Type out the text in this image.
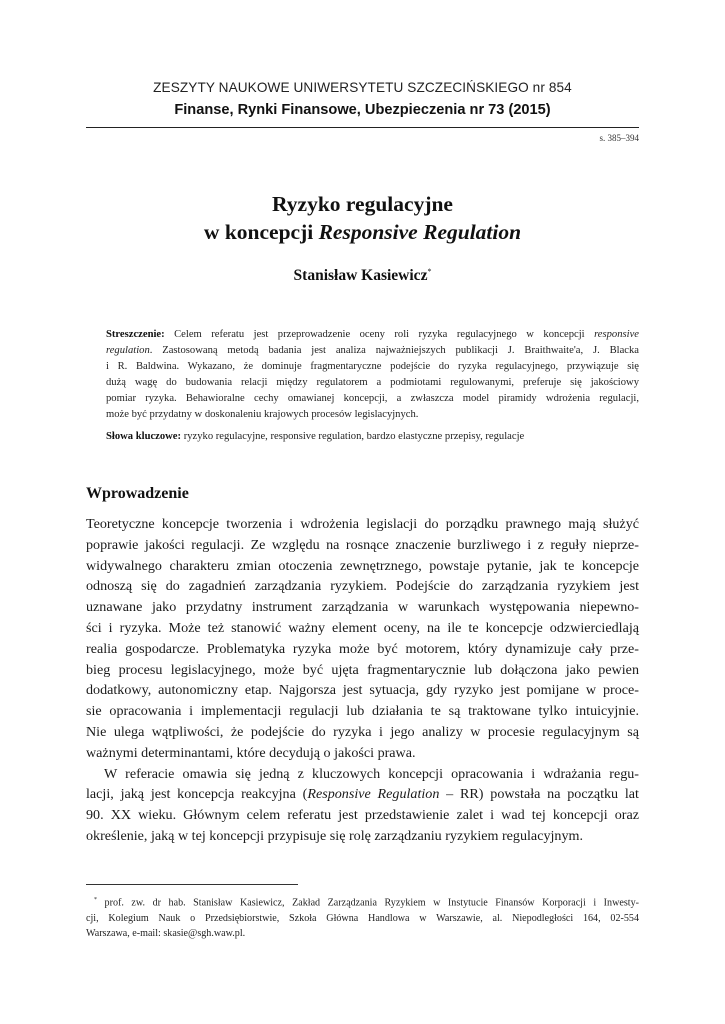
ZESZYTY NAUKOWE UNIWERSYTETU SZCZECIŃSKIEGO nr 854
Finanse, Rynki Finansowe, Ubezpieczenia nr 73 (2015)
s. 385–394
Ryzyko regulacyjne
w koncepcji Responsive Regulation
Stanisław Kasiewicz*
Streszczenie: Celem referatu jest przeprowadzenie oceny roli ryzyka regulacyjnego w koncepcji responsive
regulation. Zastosowaną metodą badania jest analiza najważniejszych publikacji J. Braithwaite'a, J. Blacka
i R. Baldwina. Wykazano, że dominuje fragmentaryczne podejście do ryzyka regulacyjnego, przywiązuje się
dużą wagę do budowania relacji między regulatorem a podmiotami regulowanymi, preferuje się jakościowy
pomiar ryzyka. Behawioralne cechy omawianej koncepcji, a zwłaszcza model piramidy wdrożenia regulacji,
może być przydatny w doskonaleniu krajowych procesów legislacyjnych.
Słowa kluczowe: ryzyko regulacyjne, responsive regulation, bardzo elastyczne przepisy, regulacje
Wprowadzenie
Teoretyczne koncepcje tworzenia i wdrożenia legislacji do porządku prawnego mają służyć
poprawie jakości regulacji. Ze względu na rosnące znaczenie burzliwego i z reguły nieprze-
widywalnego charakteru zmian otoczenia zewnętrznego, powstaje pytanie, jak te koncepcje
odnoszą się do zagadnień zarządzania ryzykiem. Podejście do zarządzania ryzykiem jest
uznawane jako przydatny instrument zarządzania w warunkach występowania niepewno-
ści i ryzyka. Może też stanowić ważny element oceny, na ile te koncepcje odzwierciedlają
realia gospodarcze. Problematyka ryzyka może być motorem, który dynamizuje cały prze-
bieg procesu legislacyjnego, może być ujęta fragmentarycznie lub dołączona jako pewien
dodatkowy, autonomiczny etap. Najgorsza jest sytuacja, gdy ryzyko jest pomijane w proce-
sie opracowania i implementacji regulacji lub działania te są traktowane tylko intuicyjnie.
Nie ulega wątpliwości, że podejście do ryzyka i jego analizy w procesie regulacyjnym są
ważnymi determinantami, które decydują o jakości prawa.
W referacie omawia się jedną z kluczowych koncepcji opracowania i wdrażania regu-
lacji, jaką jest koncepcja reakcyjna (Responsive Regulation – RR) powstała na początku lat
90. XX wieku. Głównym celem referatu jest przedstawienie zalet i wad tej koncepcji oraz
określenie, jaką w tej koncepcji przypisuje się rolę zarządzaniu ryzykiem regulacyjnym.
* prof. zw. dr hab. Stanisław Kasiewicz, Zakład Zarządzania Ryzykiem w Instytucie Finansów Korporacji i Inwesty-
cji, Kolegium Nauk o Przedsiębiorstwie, Szkoła Główna Handlowa w Warszawie, al. Niepodległości 164, 02-554
Warszawa, e-mail: skasie@sgh.waw.pl.
